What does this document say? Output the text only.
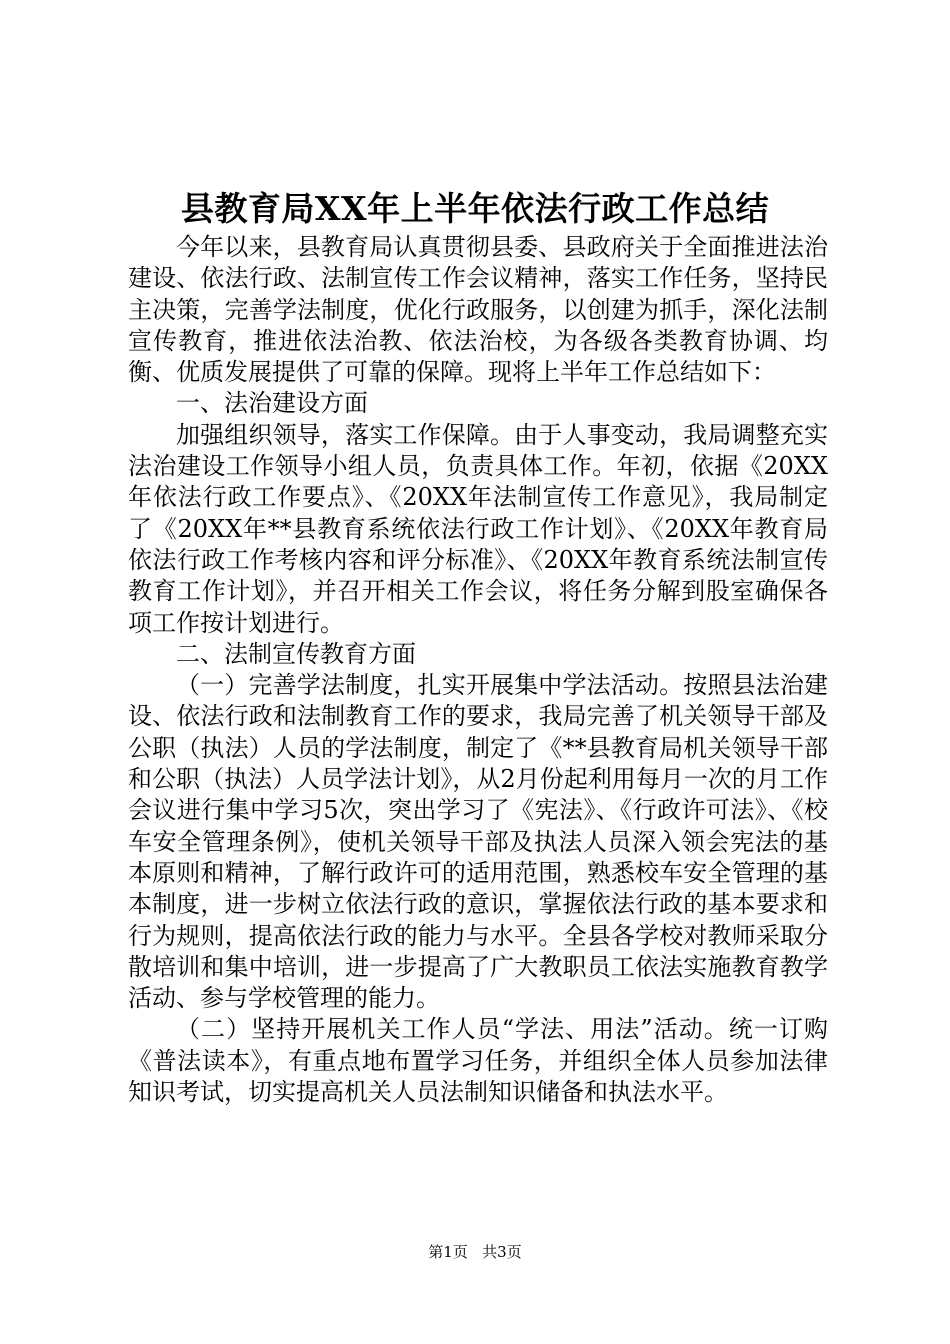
县教育局XX年上半年依法行政工作总结

今年以来，县教育局认真贯彻县委、县政府关于全面推进法治建设、依法行政、法制宣传工作会议精神，落实工作任务，坚持民主决策，完善学法制度，优化行政服务，以创建为抓手，深化法制宣传教育，推进依法治教、依法治校，为各级各类教育协调、均衡、优质发展提供了可靠的保障。现将上半年工作总结如下：

一、法治建设方面

加强组织领导，落实工作保障。由于人事变动，我局调整充实法治建设工作领导小组人员，负责具体工作。年初，依据《20XX年依法行政工作要点》、《20XX年法制宣传工作意见》，我局制定了《20XX年**县教育系统依法行政工作计划》、《20XX年教育局依法行政工作考核内容和评分标准》、《20XX年教育系统法制宣传教育工作计划》，并召开相关工作会议，将任务分解到股室确保各项工作按计划进行。

二、法制宣传教育方面

（一）完善学法制度，扎实开展集中学法活动。按照县法治建设、依法行政和法制教育工作的要求，我局完善了机关领导干部及公职（执法）人员的学法制度，制定了《**县教育局机关领导干部和公职（执法）人员学法计划》，从2月份起利用每月一次的月工作会议进行集中学习5次，突出学习了《宪法》、《行政许可法》、《校车安全管理条例》，使机关领导干部及执法人员深入领会宪法的基本原则和精神，了解行政许可的适用范围，熟悉校车安全管理的基本制度，进一步树立依法行政的意识，掌握依法行政的基本要求和行为规则，提高依法行政的能力与水平。全县各学校对教师采取分散培训和集中培训，进一步提高了广大教职员工依法实施教育教学活动、参与学校管理的能力。

（二）坚持开展机关工作人员“学法、用法”活动。统一订购《普法读本》，有重点地布置学习任务，并组织全体人员参加法律知识考试，切实提高机关人员法制知识储备和执法水平。

第1页 共3页
